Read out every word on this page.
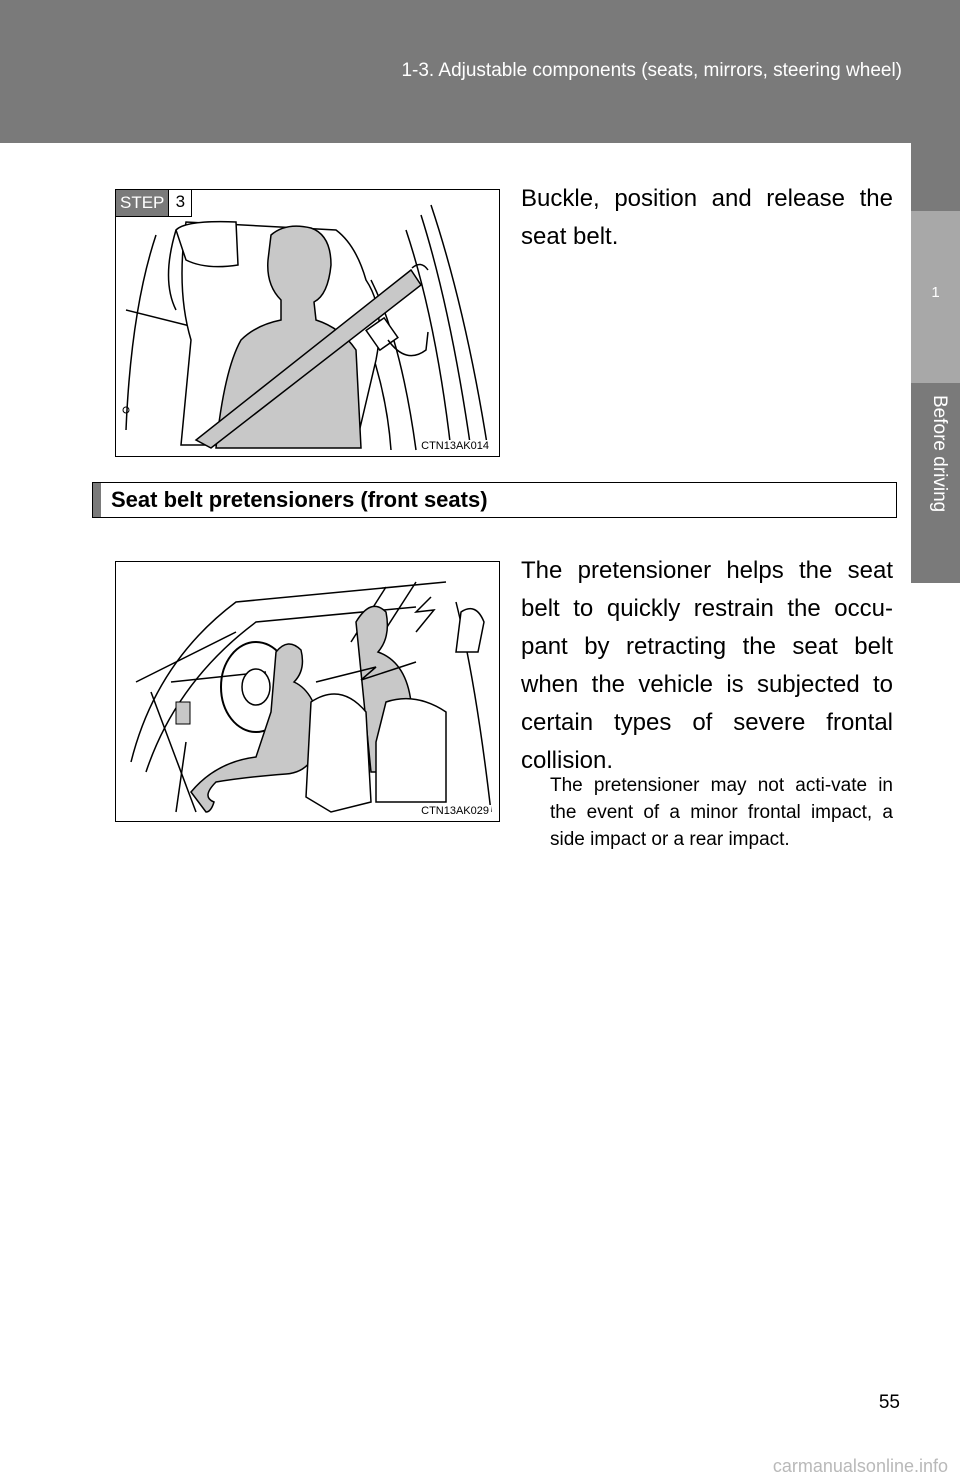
1-3. Adjustable components (seats, mirrors, steering wheel)
1
Before driving
STEP 3
CTN13AK014

Buckle, position and release the seat belt.

Seat belt pretensioners (front seats)
CTN13AK029

The pretensioner helps the seat belt to quickly restrain the occu-pant by retracting the seat belt when the vehicle is subjected to certain types of severe frontal collision.

The pretensioner may not acti-vate in the event of a minor frontal impact, a side impact or a rear impact.

55
carmanualsonline.info
